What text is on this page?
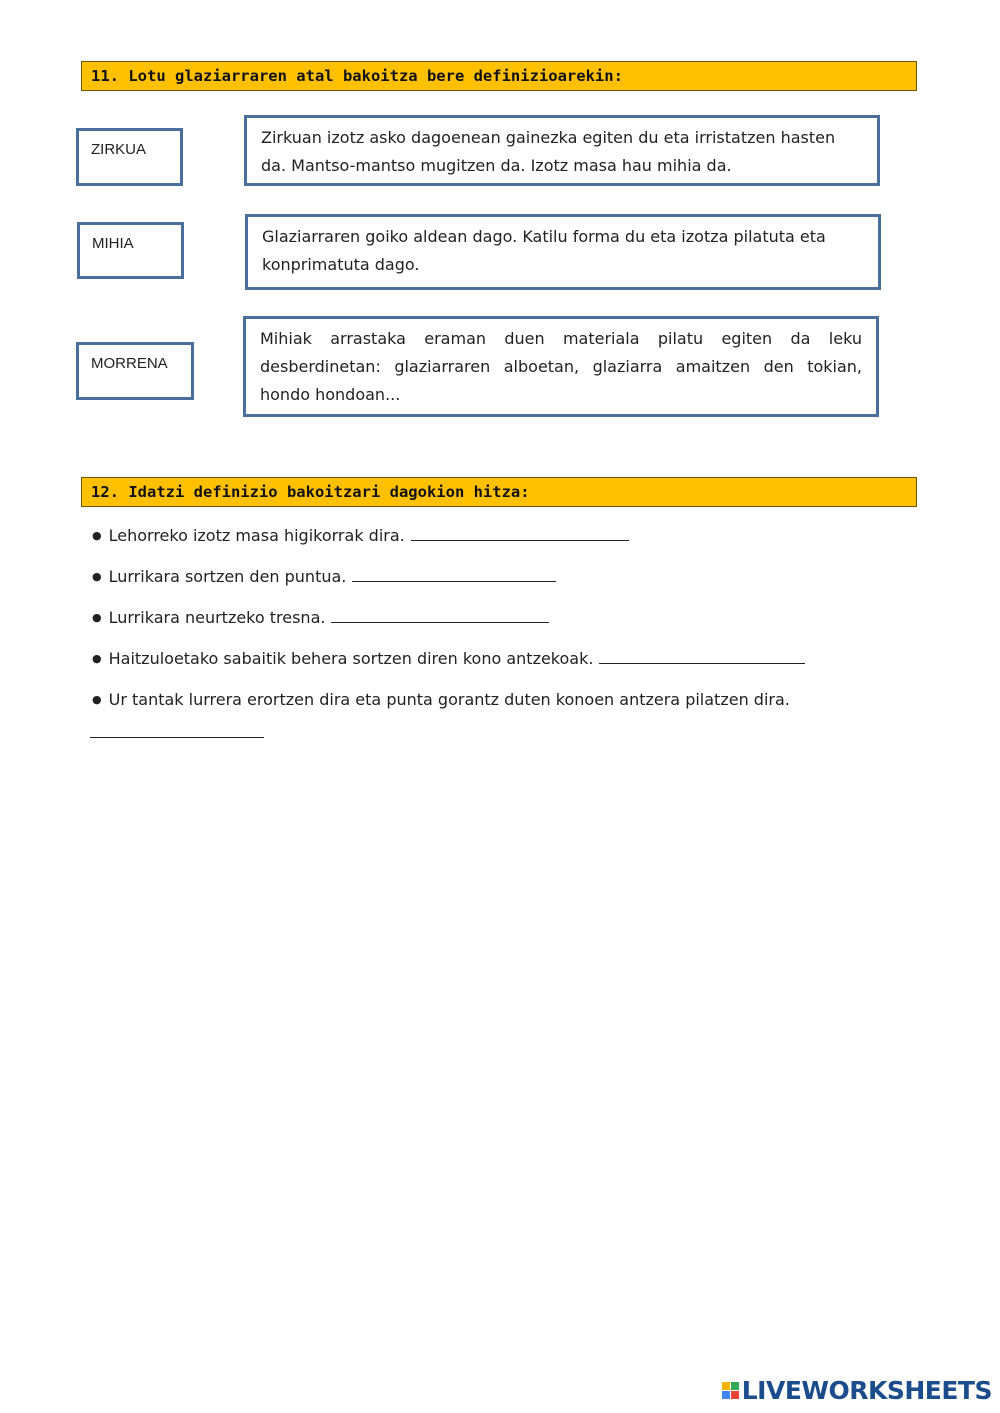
11. Lotu glaziarraren atal bakoitza bere definizioarekin:
ZIRKUA
MIHIA
MORRENA
Zirkuan izotz asko dagoenean gainezka egiten du eta irristatzen hasten da. Mantso-mantso mugitzen da. Izotz masa hau mihia da.
Glaziarraren goiko aldean dago. Katilu forma du eta izotza pilatuta eta konprimatuta dago.
Mihiak arrastaka eraman duen materiala pilatu egiten da leku desberdinetan: glaziarraren alboetan, glaziarra amaitzen den tokian, hondo hondoan...
12. Idatzi definizio bakoitzari dagokion hitza:
● Lehorreko izotz masa higikorrak dira.
● Lurrikara sortzen den puntua.
● Lurrikara neurtzeko tresna.
● Haitzuloetako sabaitik behera sortzen diren kono antzekoak.
● Ur tantak lurrera erortzen dira eta punta gorantz duten konoen antzera pilatzen dira.
LIVEWORKSHEETS
